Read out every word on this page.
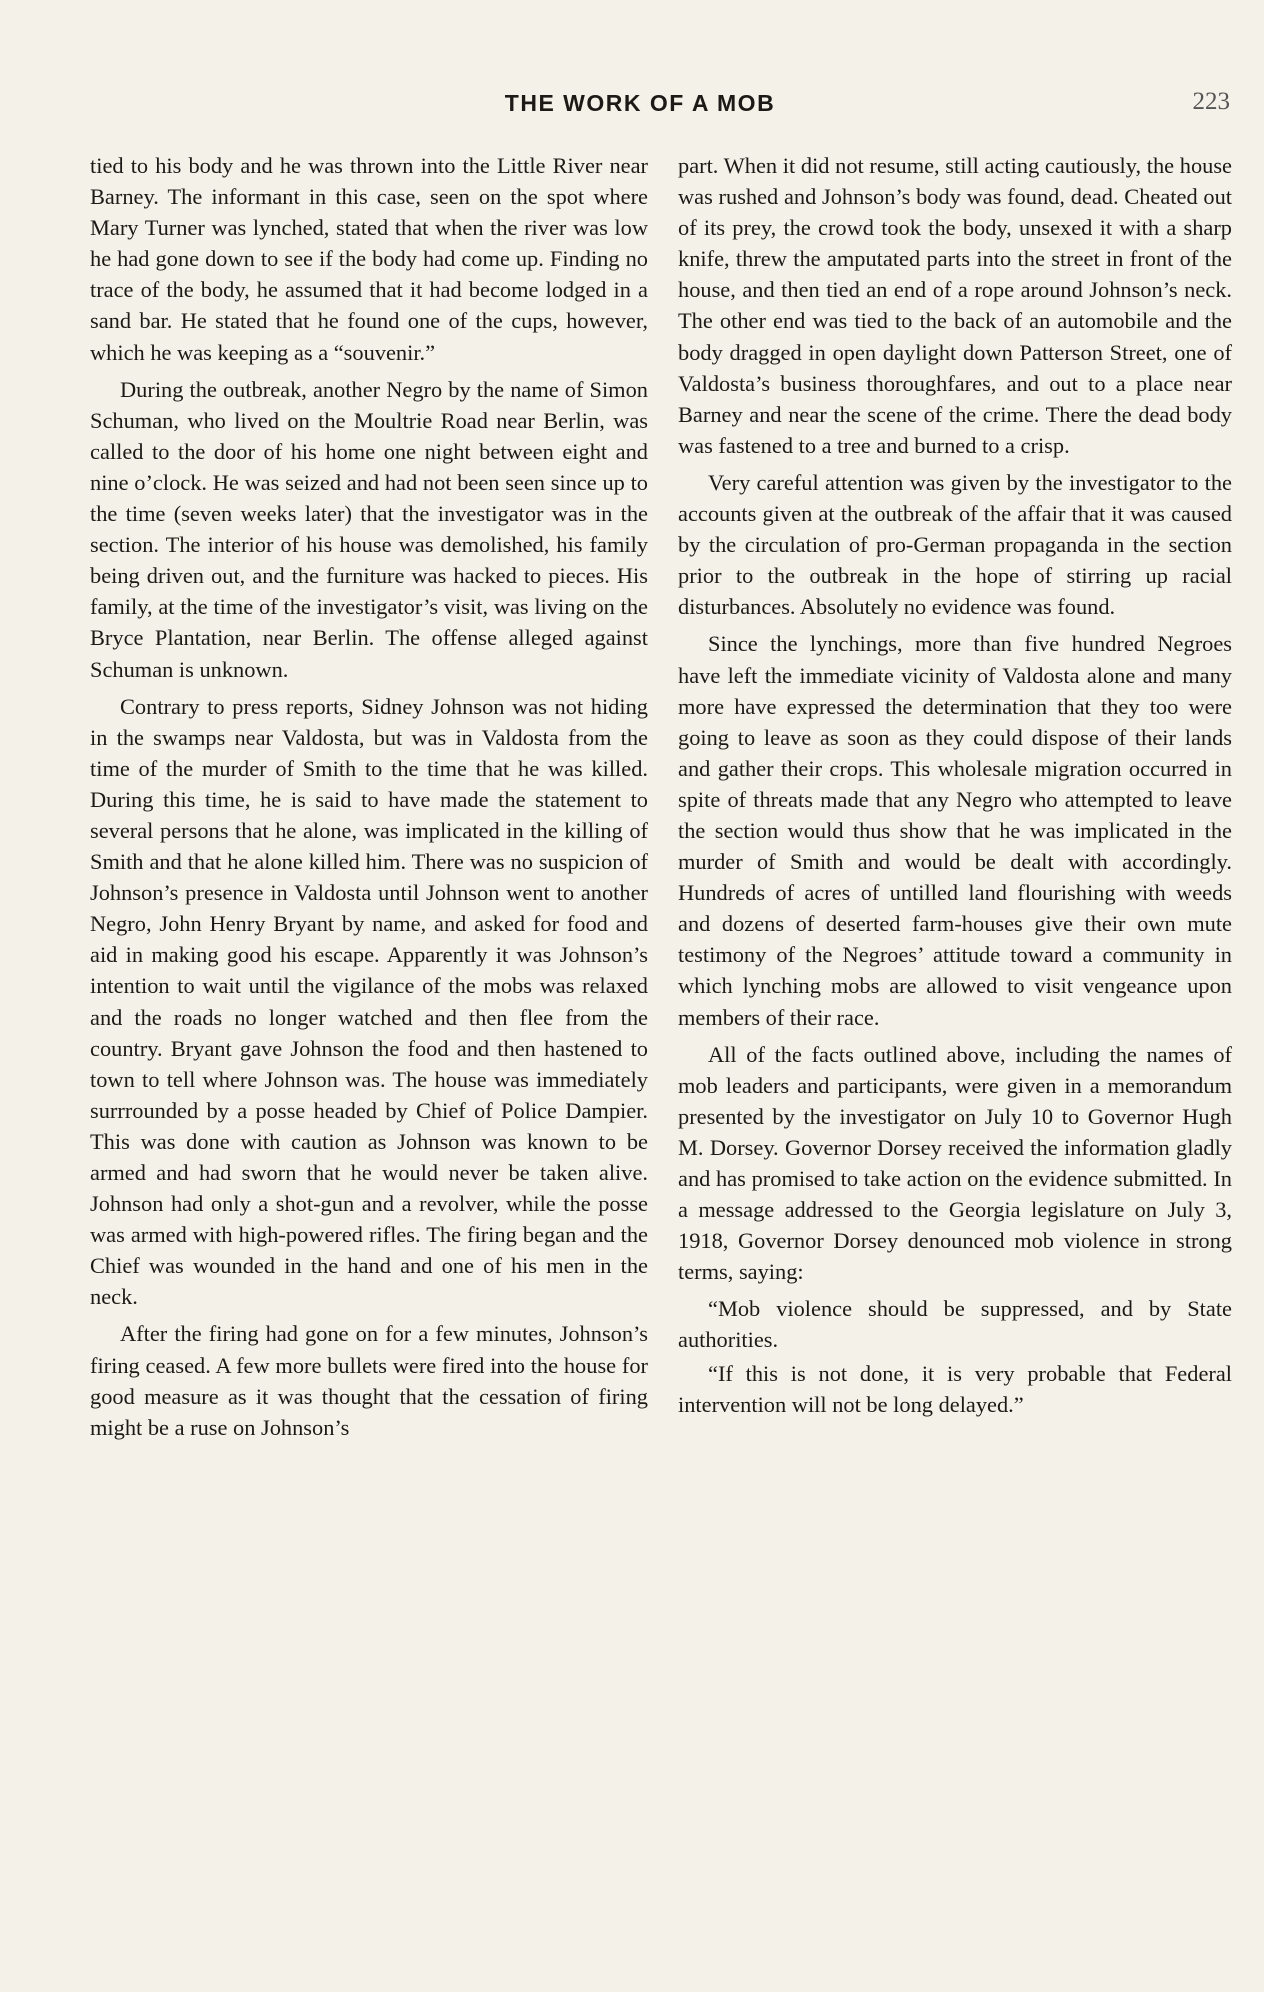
THE WORK OF A MOB	223

tied to his body and he was thrown into the Little River near Barney. The informant in this case, seen on the spot where Mary Turner was lynched, stated that when the river was low he had gone down to see if the body had come up. Finding no trace of the body, he assumed that it had become lodged in a sand bar. He stated that he found one of the cups, however, which he was keeping as a “souvenir.”

During the outbreak, another Negro by the name of Simon Schuman, who lived on the Moultrie Road near Berlin, was called to the door of his home one night between eight and nine o’clock. He was seized and had not been seen since up to the time (seven weeks later) that the investigator was in the section. The interior of his house was demolished, his family being driven out, and the furniture was hacked to pieces. His family, at the time of the investigator’s visit, was living on the Bryce Plantation, near Berlin. The offense alleged against Schuman is unknown.

Contrary to press reports, Sidney Johnson was not hiding in the swamps near Valdosta, but was in Valdosta from the time of the murder of Smith to the time that he was killed. During this time, he is said to have made the statement to several persons that he alone, was implicated in the killing of Smith and that he alone killed him. There was no suspicion of Johnson’s presence in Valdosta until Johnson went to another Negro, John Henry Bryant by name, and asked for food and aid in making good his escape. Apparently it was Johnson’s intention to wait until the vigilance of the mobs was relaxed and the roads no longer watched and then flee from the country. Bryant gave Johnson the food and then hastened to town to tell where Johnson was. The house was immediately surrrounded by a posse headed by Chief of Police Dampier. This was done with caution as Johnson was known to be armed and had sworn that he would never be taken alive. Johnson had only a shot-gun and a revolver, while the posse was armed with high-powered rifles. The firing began and the Chief was wounded in the hand and one of his men in the neck.

After the firing had gone on for a few minutes, Johnson’s firing ceased. A few more bullets were fired into the house for good measure as it was thought that the cessation of firing might be a ruse on Johnson’s

part. When it did not resume, still acting cautiously, the house was rushed and Johnson’s body was found, dead. Cheated out of its prey, the crowd took the body, unsexed it with a sharp knife, threw the amputated parts into the street in front of the house, and then tied an end of a rope around Johnson’s neck. The other end was tied to the back of an automobile and the body dragged in open daylight down Patterson Street, one of Valdosta’s business thoroughfares, and out to a place near Barney and near the scene of the crime. There the dead body was fastened to a tree and burned to a crisp.

Very careful attention was given by the investigator to the accounts given at the outbreak of the affair that it was caused by the circulation of pro-German propaganda in the section prior to the outbreak in the hope of stirring up racial disturbances. Absolutely no evidence was found.

Since the lynchings, more than five hundred Negroes have left the immediate vicinity of Valdosta alone and many more have expressed the determination that they too were going to leave as soon as they could dispose of their lands and gather their crops. This wholesale migration occurred in spite of threats made that any Negro who attempted to leave the section would thus show that he was implicated in the murder of Smith and would be dealt with accordingly. Hundreds of acres of untilled land flourishing with weeds and dozens of deserted farm-houses give their own mute testimony of the Negroes’ attitude toward a community in which lynching mobs are allowed to visit vengeance upon members of their race.

All of the facts outlined above, including the names of mob leaders and participants, were given in a memorandum presented by the investigator on July 10 to Governor Hugh M. Dorsey. Governor Dorsey received the information gladly and has promised to take action on the evidence submitted. In a message addressed to the Georgia legislature on July 3, 1918, Governor Dorsey denounced mob violence in strong terms, saying:

“Mob violence should be suppressed, and by State authorities.

“If this is not done, it is very probable that Federal intervention will not be long delayed.”
